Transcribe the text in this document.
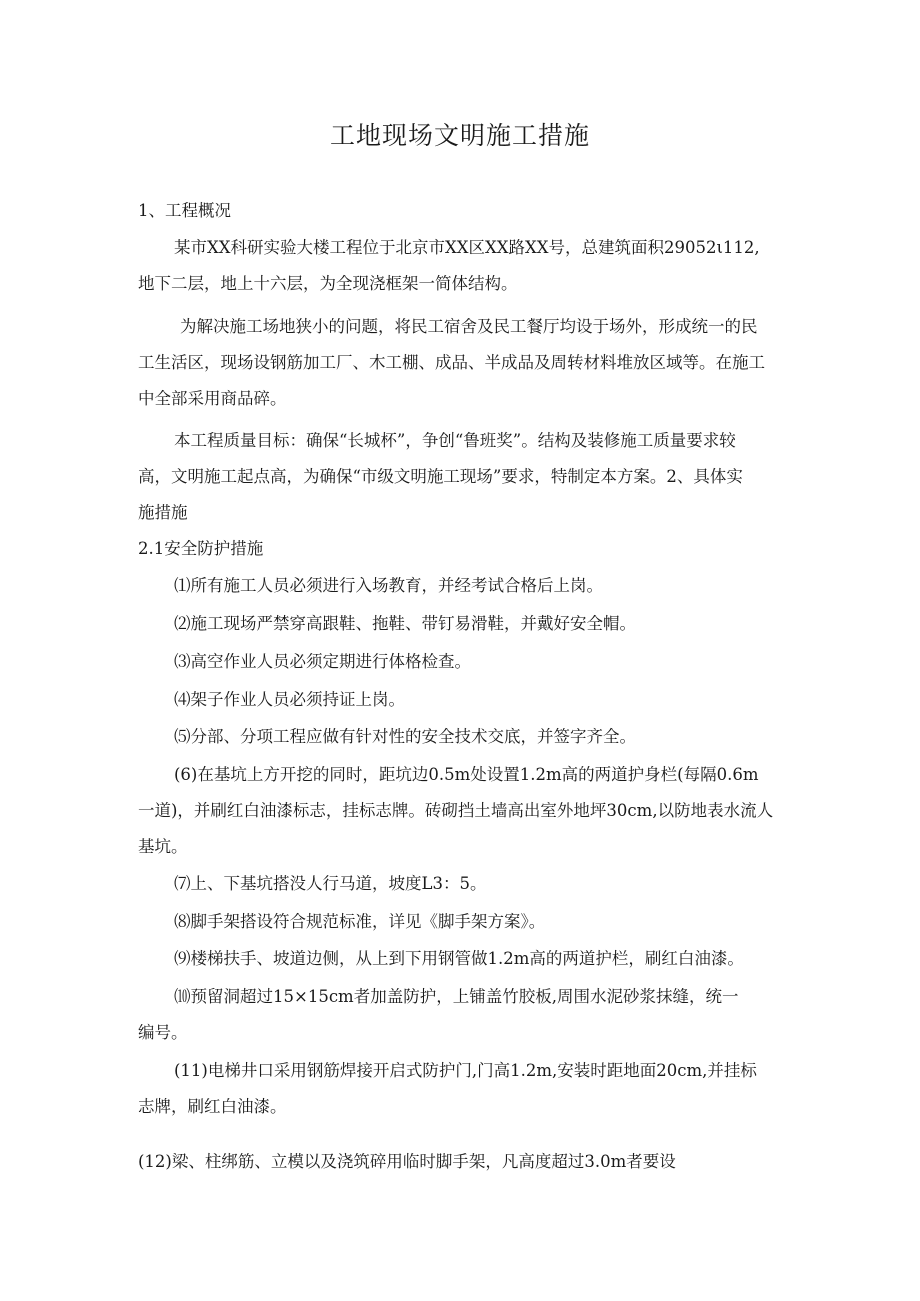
工地现场文明施工措施
1、工程概况
某市XX科研实验大楼工程位于北京市XX区XX路XX号，总建筑面积29052ι112,
地下二层，地上十六层，为全现浇框架一简体结构。
为解决施工场地狭小的问题，将民工宿舍及民工餐厅均设于场外，形成统一的民
工生活区，现场设钢筋加工厂、木工棚、成品、半成品及周转材料堆放区域等。在施工
中全部采用商品碎。
本工程质量目标：确保“长城杯”，争创“鲁班奖”。结构及装修施工质量要求较
高，文明施工起点高，为确保“市级文明施工现场”要求，特制定本方案。2、具体实
施措施
2.1安全防护措施
⑴所有施工人员必须进行入场教育，并经考试合格后上岗。
⑵施工现场严禁穿高跟鞋、拖鞋、带钉易滑鞋，并戴好安全帽。
⑶高空作业人员必须定期进行体格检查。
⑷架子作业人员必须持证上岗。
⑸分部、分项工程应做有针对性的安全技术交底，并签字齐全。
(6)在基坑上方开挖的同时，距坑边0.5m处设置1.2m高的两道护身栏(每隔0.6m
一道)，并刷红白油漆标志，挂标志牌。砖砌挡土墙高出室外地坪30cm,以防地表水流人
基坑。
⑺上、下基坑搭没人行马道，坡度L3：5。
⑻脚手架搭设符合规范标准，详见《脚手架方案》。
⑼楼梯扶手、坡道边侧，从上到下用钢管做1.2m高的两道护栏，刷红白油漆。
⑽预留洞超过15×15cm者加盖防护，上铺盖竹胶板,周围水泥砂浆抹缝，统一
编号。
(11)电梯井口采用钢筋焊接开启式防护门,门高1.2m,安装时距地面20cm,并挂标
志牌，刷红白油漆。
(12)梁、柱绑筋、立模以及浇筑碎用临时脚手架，凡高度超过3.0m者要设
